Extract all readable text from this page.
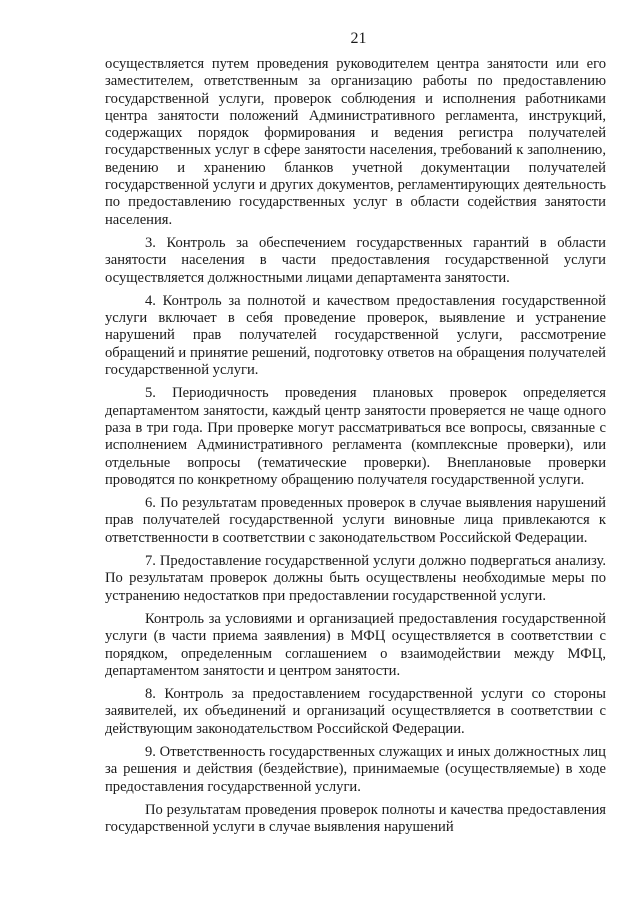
21

осуществляется путем проведения руководителем центра занятости или его заместителем, ответственным за организацию работы по предоставлению государственной услуги, проверок соблюдения и исполнения работниками центра занятости положений Административного регламента, инструкций, содержащих порядок формирования и ведения регистра получателей государственных услуг в сфере занятости населения, требований к заполнению, ведению и хранению бланков учетной документации получателей государственной услуги и других документов, регламентирующих деятельность по предоставлению государственных услуг в области содействия занятости населения.

3. Контроль за обеспечением государственных гарантий в области занятости населения в части предоставления государственной услуги осуществляется должностными лицами департамента занятости.

4. Контроль за полнотой и качеством предоставления государственной услуги включает в себя проведение проверок, выявление и устранение нарушений прав получателей государственной услуги, рассмотрение обращений и принятие решений, подготовку ответов на обращения получателей государственной услуги.

5. Периодичность проведения плановых проверок определяется департаментом занятости, каждый центр занятости проверяется не чаще одного раза в три года. При проверке могут рассматриваться все вопросы, связанные с исполнением Административного регламента (комплексные проверки), или отдельные вопросы (тематические проверки). Внеплановые проверки проводятся по конкретному обращению получателя государственной услуги.

6. По результатам проведенных проверок в случае выявления нарушений прав получателей государственной услуги виновные лица привлекаются к ответственности в соответствии с законодательством Российской Федерации.

7. Предоставление государственной услуги должно подвергаться анализу. По результатам проверок должны быть осуществлены необходимые меры по устранению недостатков при предоставлении государственной услуги.

Контроль за условиями и организацией предоставления государственной услуги (в части приема заявления) в МФЦ осуществляется в соответствии с порядком, определенным соглашением о взаимодействии между МФЦ, департаментом занятости и центром занятости.

8. Контроль за предоставлением государственной услуги со стороны заявителей, их объединений и организаций осуществляется в соответствии с действующим законодательством Российской Федерации.

9. Ответственность государственных служащих и иных должностных лиц за решения и действия (бездействие), принимаемые (осуществляемые) в ходе предоставления государственной услуги.

По результатам проведения проверок полноты и качества предоставления государственной услуги в случае выявления нарушений
